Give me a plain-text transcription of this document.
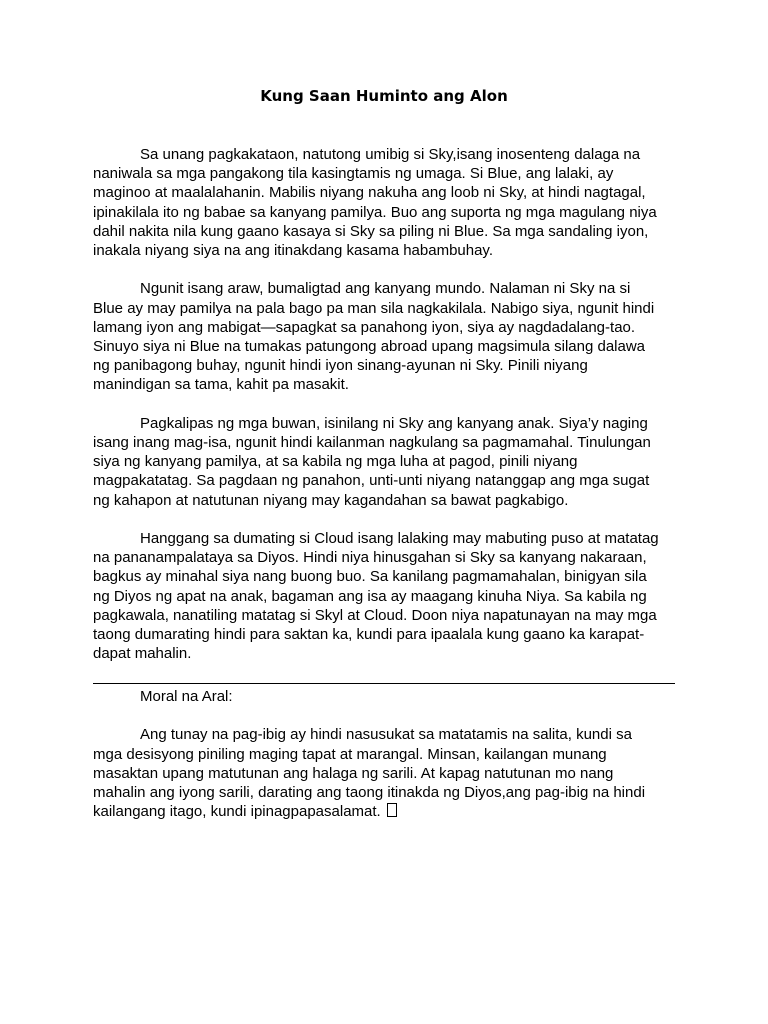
Kung Saan Huminto ang Alon

Sa unang pagkakataon, natutong umibig si Sky,isang inosenteng dalaga na
naniwala sa mga pangakong tila kasingtamis ng umaga. Si Blue, ang lalaki, ay
maginoo at maalalahanin. Mabilis niyang nakuha ang loob ni Sky, at hindi nagtagal,
ipinakilala ito ng babae sa kanyang pamilya. Buo ang suporta ng mga magulang niya
dahil nakita nila kung gaano kasaya si Sky sa piling ni Blue. Sa mga sandaling iyon,
inakala niyang siya na ang itinakdang kasama habambuhay.

Ngunit isang araw, bumaligtad ang kanyang mundo. Nalaman ni Sky na si
Blue ay may pamilya na pala bago pa man sila nagkakilala. Nabigo siya, ngunit hindi
lamang iyon ang mabigat—sapagkat sa panahong iyon, siya ay nagdadalang-tao.
Sinuyo siya ni Blue na tumakas patungong abroad upang magsimula silang dalawa
ng panibagong buhay, ngunit hindi iyon sinang-ayunan ni Sky. Pinili niyang
manindigan sa tama, kahit pa masakit.

Pagkalipas ng mga buwan, isinilang ni Sky ang kanyang anak. Siya’y naging
isang inang mag-isa, ngunit hindi kailanman nagkulang sa pagmamahal. Tinulungan
siya ng kanyang pamilya, at sa kabila ng mga luha at pagod, pinili niyang
magpakatatag. Sa pagdaan ng panahon, unti-unti niyang natanggap ang mga sugat
ng kahapon at natutunan niyang may kagandahan sa bawat pagkabigo.

Hanggang sa dumating si Cloud isang lalaking may mabuting puso at matatag
na pananampalataya sa Diyos. Hindi niya hinusgahan si Sky sa kanyang nakaraan,
bagkus ay minahal siya nang buong buo. Sa kanilang pagmamahalan, binigyan sila
ng Diyos ng apat na anak, bagaman ang isa ay maagang kinuha Niya. Sa kabila ng
pagkawala, nanatiling matatag si Skyl at Cloud. Doon niya napatunayan na may mga
taong dumarating hindi para saktan ka, kundi para ipaalala kung gaano ka karapat-
dapat mahalin.

Moral na Aral:

Ang tunay na pag-ibig ay hindi nasusukat sa matatamis na salita, kundi sa
mga desisyong piniling maging tapat at marangal. Minsan, kailangan munang
masaktan upang matutunan ang halaga ng sarili. At kapag natutunan mo nang
mahalin ang iyong sarili, darating ang taong itinakda ng Diyos,ang pag-ibig na hindi
kailangang itago, kundi ipinagpapasalamat.
